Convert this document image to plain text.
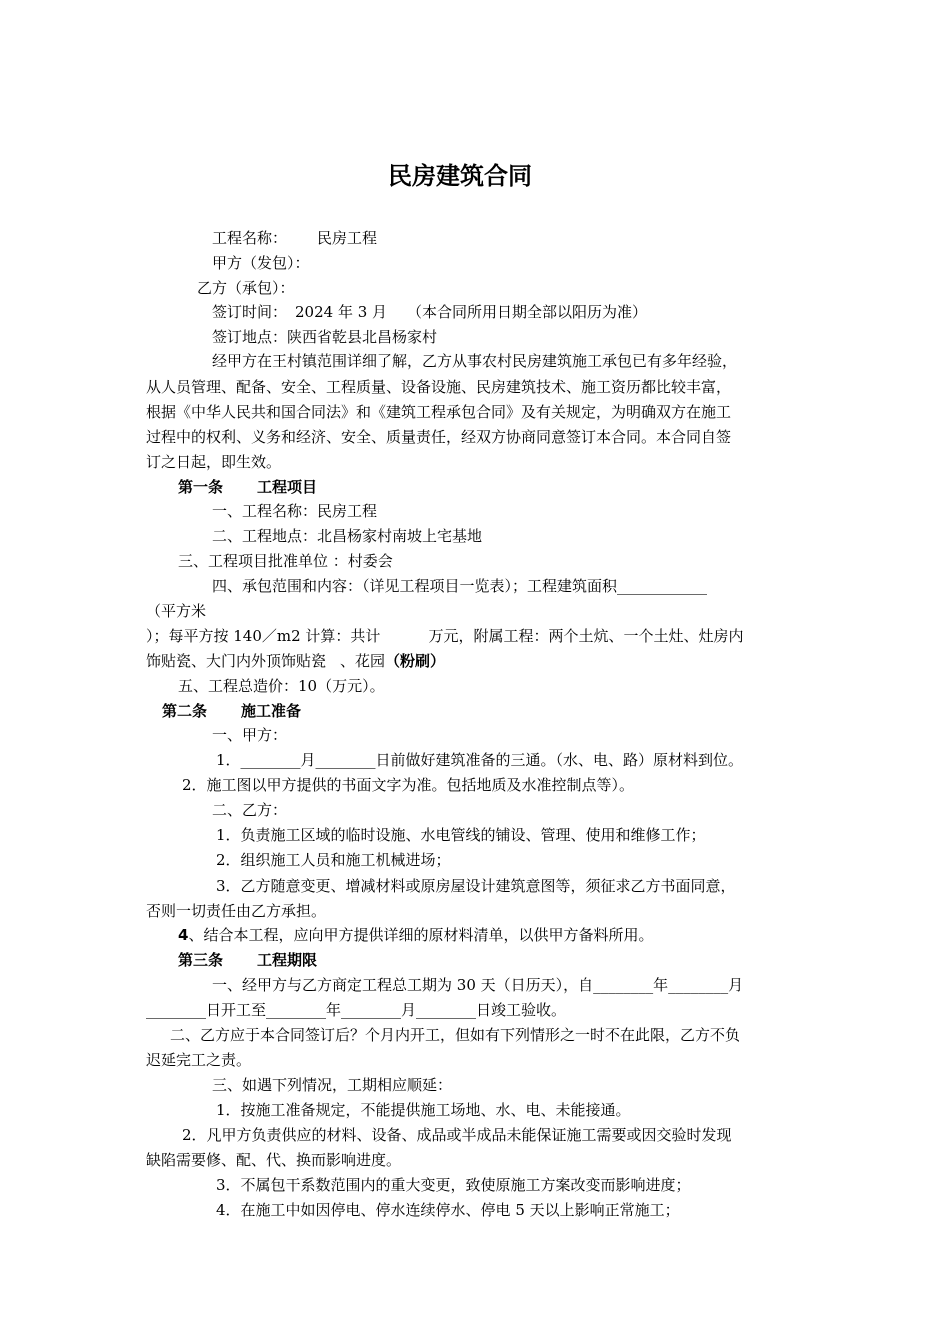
民房建筑合同
工程名称： 民房工程
甲方（发包）：
乙方（承包）：
签订时间： 2024 年 3 月 （本合同所用日期全部以阳历为准）
签订地点：陕西省乾县北昌杨家村
经甲方在王村镇范围详细了解，乙方从事农村民房建筑施工承包已有多年经验，
从人员管理、配备、安全、工程质量、设备设施、民房建筑技术、施工资历都比较丰富，
根据《中华人民共和国合同法》和《建筑工程承包合同》及有关规定，为明确双方在施工
过程中的权利、义务和经济、安全、质量责任，经双方协商同意签订本合同。本合同自签
订之日起，即生效。
第一条 工程项目
一、工程名称：民房工程
二、工程地点：北昌杨家村南坡上宅基地
三、工程项目批准单位 ：村委会
四、承包范围和内容：（详见工程项目一览表）；工程建筑面积____________
（平方米
）；每平方按 140／m2 计算：共计	万元，附属工程：两个土炕、一个土灶、灶房内
饰贴瓷、大门内外顶饰贴瓷 、花园（粉刷）
五、工程总造价：10（万元）。
第二条 施工准备
一、甲方：
1．________月________日前做好建筑准备的三通。（水、电、路）原材料到位。
2．施工图以甲方提供的书面文字为准。包括地质及水准控制点等）。
二、乙方：
1．负责施工区域的临时设施、水电管线的铺设、管理、使用和维修工作；
2．组织施工人员和施工机械进场；
3．乙方随意变更、增减材料或原房屋设计建筑意图等，须征求乙方书面同意，
否则一切责任由乙方承担。
4、结合本工程，应向甲方提供详细的原材料清单，以供甲方备料所用。
第三条 工程期限
一、经甲方与乙方商定工程总工期为 30 天（日历天），自________年________月
________日开工至________年________月________日竣工验收。
二、乙方应于本合同签订后？个月内开工，但如有下列情形之一时不在此限，乙方不负
迟延完工之责。
三、如遇下列情况，工期相应顺延：
1．按施工准备规定，不能提供施工场地、水、电、未能接通。
2．凡甲方负责供应的材料、设备、成品或半成品未能保证施工需要或因交验时发现
缺陷需要修、配、代、换而影响进度。
3．不属包干系数范围内的重大变更，致使原施工方案改变而影响进度；
4．在施工中如因停电、停水连续停水、停电 5 天以上影响正常施工；
